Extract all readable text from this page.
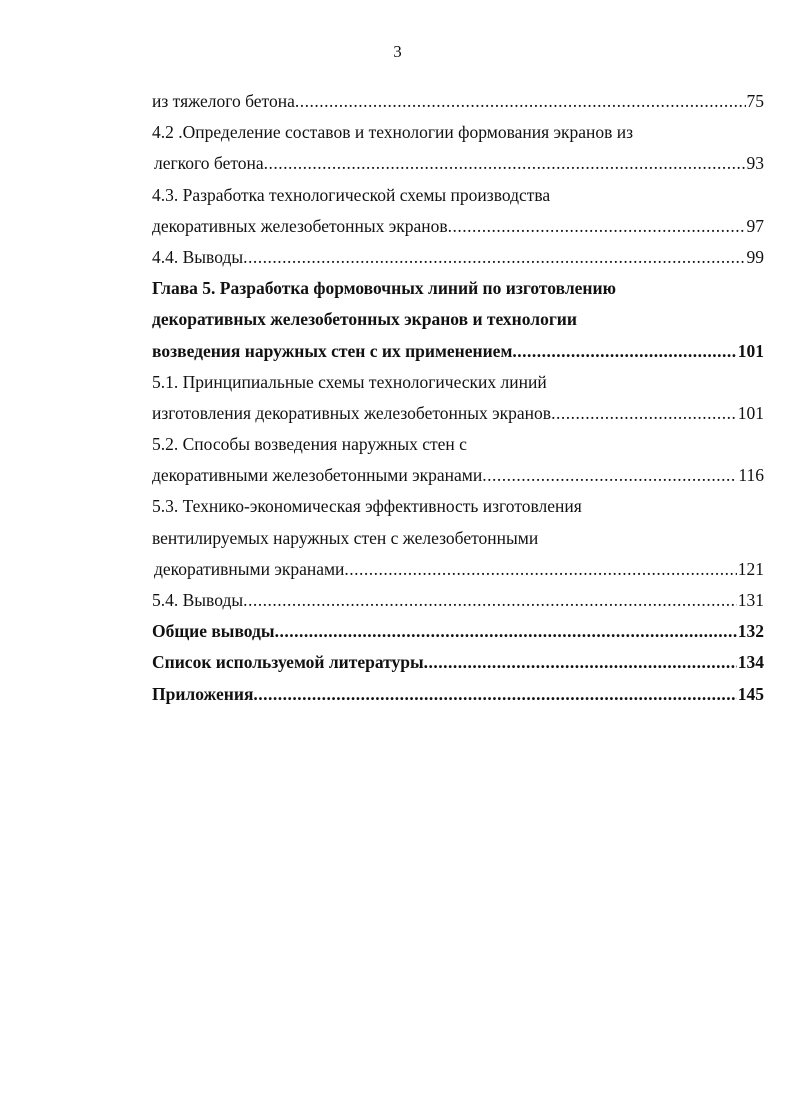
3
из тяжелого бетона .....	75
4.2 .Определение составов и технологии формования экранов из
легкого бетона .....	93
4.3. Разработка технологической схемы производства
декоративных железобетонных экранов .....	97
4.4. Выводы .....	99
Глава 5. Разработка формовочных линий по изготовлению
декоративных железобетонных экранов и технологии
возведения наружных стен с их применением .....	101
5.1. Принципиальные схемы технологических линий
изготовления декоративных железобетонных экранов .....	101
5.2. Способы возведения наружных стен с
декоративными железобетонными экранами .....	116
5.3. Технико-экономическая эффективность изготовления
вентилируемых наружных стен с железобетонными
декоративными экранами .....	121
5.4. Выводы .....	131
Общие выводы .....	132
Список используемой литературы .....	134
Приложения .....	145
